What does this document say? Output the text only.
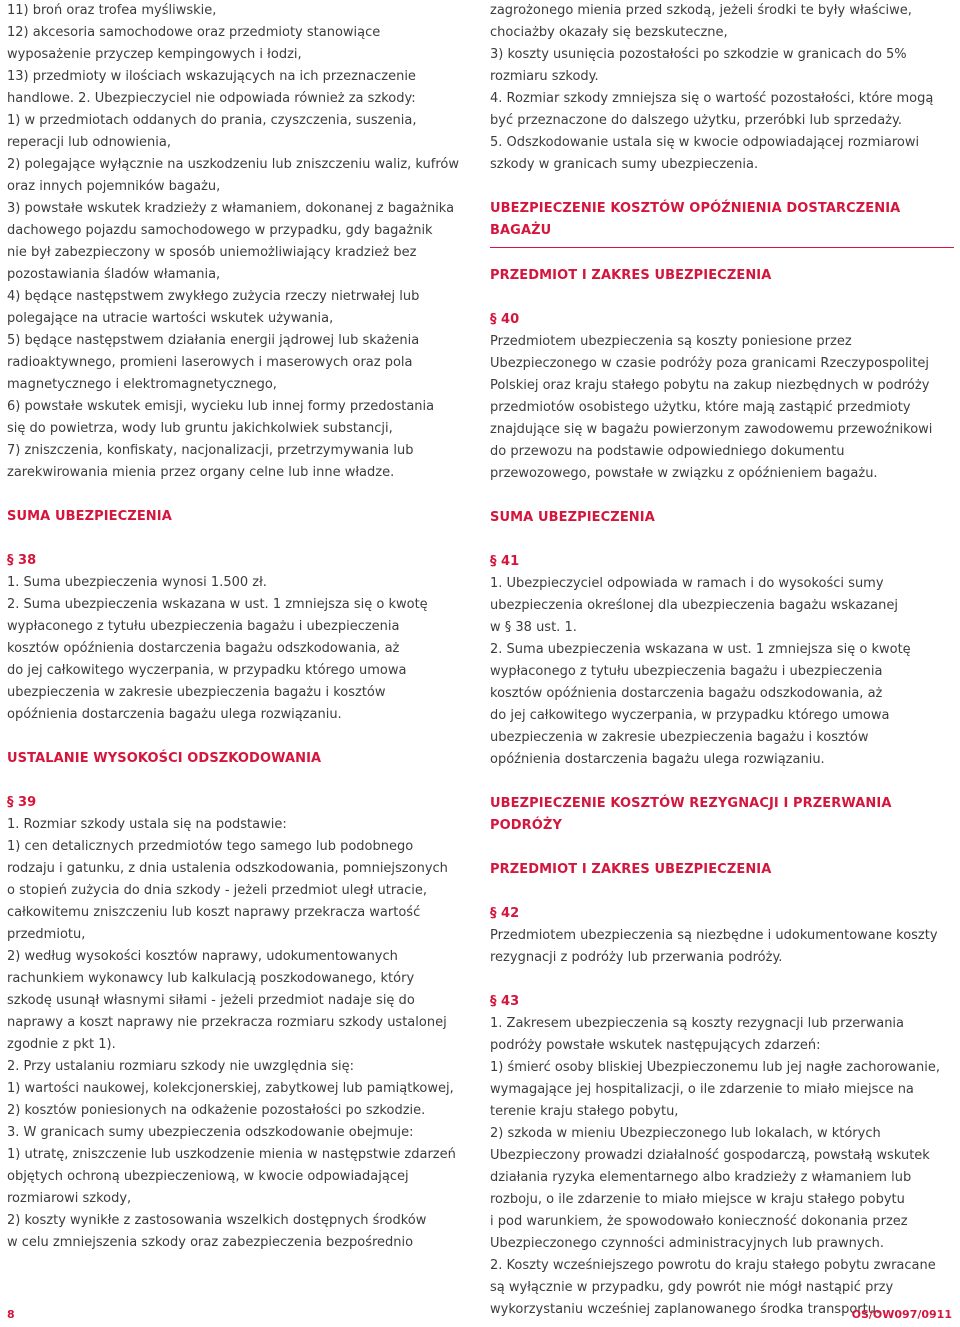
11) broń oraz trofea myśliwskie,
12) akcesoria samochodowe oraz przedmioty stanowiące
wyposażenie przyczep kempingowych i łodzi,
13) przedmioty w ilościach wskazujących na ich przeznaczenie
handlowe. 2. Ubezpieczyciel nie odpowiada również za szkody:
1) w przedmiotach oddanych do prania, czyszczenia, suszenia,
reperacji lub odnowienia,
2) polegające wyłącznie na uszkodzeniu lub zniszczeniu waliz, kufrów
oraz innych pojemników bagażu,
3) powstałe wskutek kradzieży z włamaniem, dokonanej z bagażnika
dachowego pojazdu samochodowego w przypadku, gdy bagażnik
nie był zabezpieczony w sposób uniemożliwiający kradzież bez
pozostawiania śladów włamania,
4) będące następstwem zwykłego zużycia rzeczy nietrwałej lub
polegające na utracie wartości wskutek używania,
5) będące następstwem działania energii jądrowej lub skażenia
radioaktywnego, promieni laserowych i maserowych oraz pola
magnetycznego i elektromagnetycznego,
6) powstałe wskutek emisji, wycieku lub innej formy przedostania
się do powietrza, wody lub gruntu jakichkolwiek substancji,
7) zniszczenia, konfiskaty, nacjonalizacji, przetrzymywania lub
zarekwirowania mienia przez organy celne lub inne władze.
SUMA UBEZPIECZENIA

§ 38

1. Suma ubezpieczenia wynosi 1.500 zł.
2. Suma ubezpieczenia wskazana w ust. 1 zmniejsza się o kwotę
wypłaconego z tytułu ubezpieczenia bagażu i ubezpieczenia
kosztów opóźnienia dostarczenia bagażu odszkodowania, aż
do jej całkowitego wyczerpania, w przypadku którego umowa
ubezpieczenia w zakresie ubezpieczenia bagażu i kosztów
opóźnienia dostarczenia bagażu ulega rozwiązaniu.
USTALANIE WYSOKOŚCI ODSZKODOWANIA

§ 39

1. Rozmiar szkody ustala się na podstawie:
1) cen detalicznych przedmiotów tego samego lub podobnego
rodzaju i gatunku, z dnia ustalenia odszkodowania, pomniejszonych
o stopień zużycia do dnia szkody - jeżeli przedmiot uległ utracie,
całkowitemu zniszczeniu lub koszt naprawy przekracza wartość
przedmiotu,
2) według wysokości kosztów naprawy, udokumentowanych
rachunkiem wykonawcy lub kalkulacją poszkodowanego, który
szkodę usunął własnymi siłami - jeżeli przedmiot nadaje się do
naprawy a koszt naprawy nie przekracza rozmiaru szkody ustalonej
zgodnie z pkt 1).
2. Przy ustalaniu rozmiaru szkody nie uwzględnia się:
1) wartości naukowej, kolekcjonerskiej, zabytkowej lub pamiątkowej,
2) kosztów poniesionych na odkażenie pozostałości po szkodzie.
3. W granicach sumy ubezpieczenia odszkodowanie obejmuje:
1) utratę, zniszczenie lub uszkodzenie mienia w następstwie zdarzeń
objętych ochroną ubezpieczeniową, w kwocie odpowiadającej
rozmiarowi szkody,
2) koszty wynikłe z zastosowania wszelkich dostępnych środków
w celu zmniejszenia szkody oraz zabezpieczenia bezpośrednio
zagrożonego mienia przed szkodą, jeżeli środki te były właściwe,
chociażby okazały się bezskuteczne,
3) koszty usunięcia pozostałości po szkodzie w granicach do 5%
rozmiaru szkody.
4. Rozmiar szkody zmniejsza się o wartość pozostałości, które mogą
być przeznaczone do dalszego użytku, przeróbki lub sprzedaży.
5. Odszkodowanie ustala się w kwocie odpowiadającej rozmiarowi
szkody w granicach sumy ubezpieczenia.
UBEZPIECZENIE KOSZTÓW OPÓŹNIENIA DOSTARCZENIA BAGAŻU
PRZEDMIOT I ZAKRES UBEZPIECZENIA

§ 40

Przedmiotem ubezpieczenia są koszty poniesione przez
Ubezpieczonego w czasie podróży poza granicami Rzeczypospolitej
Polskiej oraz kraju stałego pobytu na zakup niezbędnych w podróży
przedmiotów osobistego użytku, które mają zastąpić przedmioty
znajdujące się w bagażu powierzonym zawodowemu przewoźnikowi
do przewozu na podstawie odpowiedniego dokumentu
przewozowego, powstałe w związku z opóźnieniem bagażu.
SUMA UBEZPIECZENIA

§ 41

1. Ubezpieczyciel odpowiada w ramach i do wysokości sumy
ubezpieczenia określonej dla ubezpieczenia bagażu wskazanej
w § 38 ust. 1.
2. Suma ubezpieczenia wskazana w ust. 1 zmniejsza się o kwotę
wypłaconego z tytułu ubezpieczenia bagażu i ubezpieczenia
kosztów opóźnienia dostarczenia bagażu odszkodowania, aż
do jej całkowitego wyczerpania, w przypadku którego umowa
ubezpieczenia w zakresie ubezpieczenia bagażu i kosztów
opóźnienia dostarczenia bagażu ulega rozwiązaniu.
UBEZPIECZENIE KOSZTÓW REZYGNACJI I PRZERWANIA PODRÓŻY
PRZEDMIOT I ZAKRES UBEZPIECZENIA

§ 42

Przedmiotem ubezpieczenia są niezbędne i udokumentowane koszty
rezygnacji z podróży lub przerwania podróży.

§ 43

1. Zakresem ubezpieczenia są koszty rezygnacji lub przerwania
podróży powstałe wskutek następujących zdarzeń:
1) śmierć osoby bliskiej Ubezpieczonemu lub jej nagłe zachorowanie,
wymagające jej hospitalizacji, o ile zdarzenie to miało miejsce na
terenie kraju stałego pobytu,
2) szkoda w mieniu Ubezpieczonego lub lokalach, w których
Ubezpieczony prowadzi działalność gospodarczą, powstałą wskutek
działania ryzyka elementarnego albo kradzieży z włamaniem lub
rozboju, o ile zdarzenie to miało miejsce w kraju stałego pobytu
i pod warunkiem, że spowodowało konieczność dokonania przez
Ubezpieczonego czynności administracyjnych lub prawnych.
2. Koszty wcześniejszego powrotu do kraju stałego pobytu zwracane
są wyłącznie w przypadku, gdy powrót nie mógł nastąpić przy
wykorzystaniu wcześniej zaplanowanego środka transportu.
8	OS/OW097/0911
